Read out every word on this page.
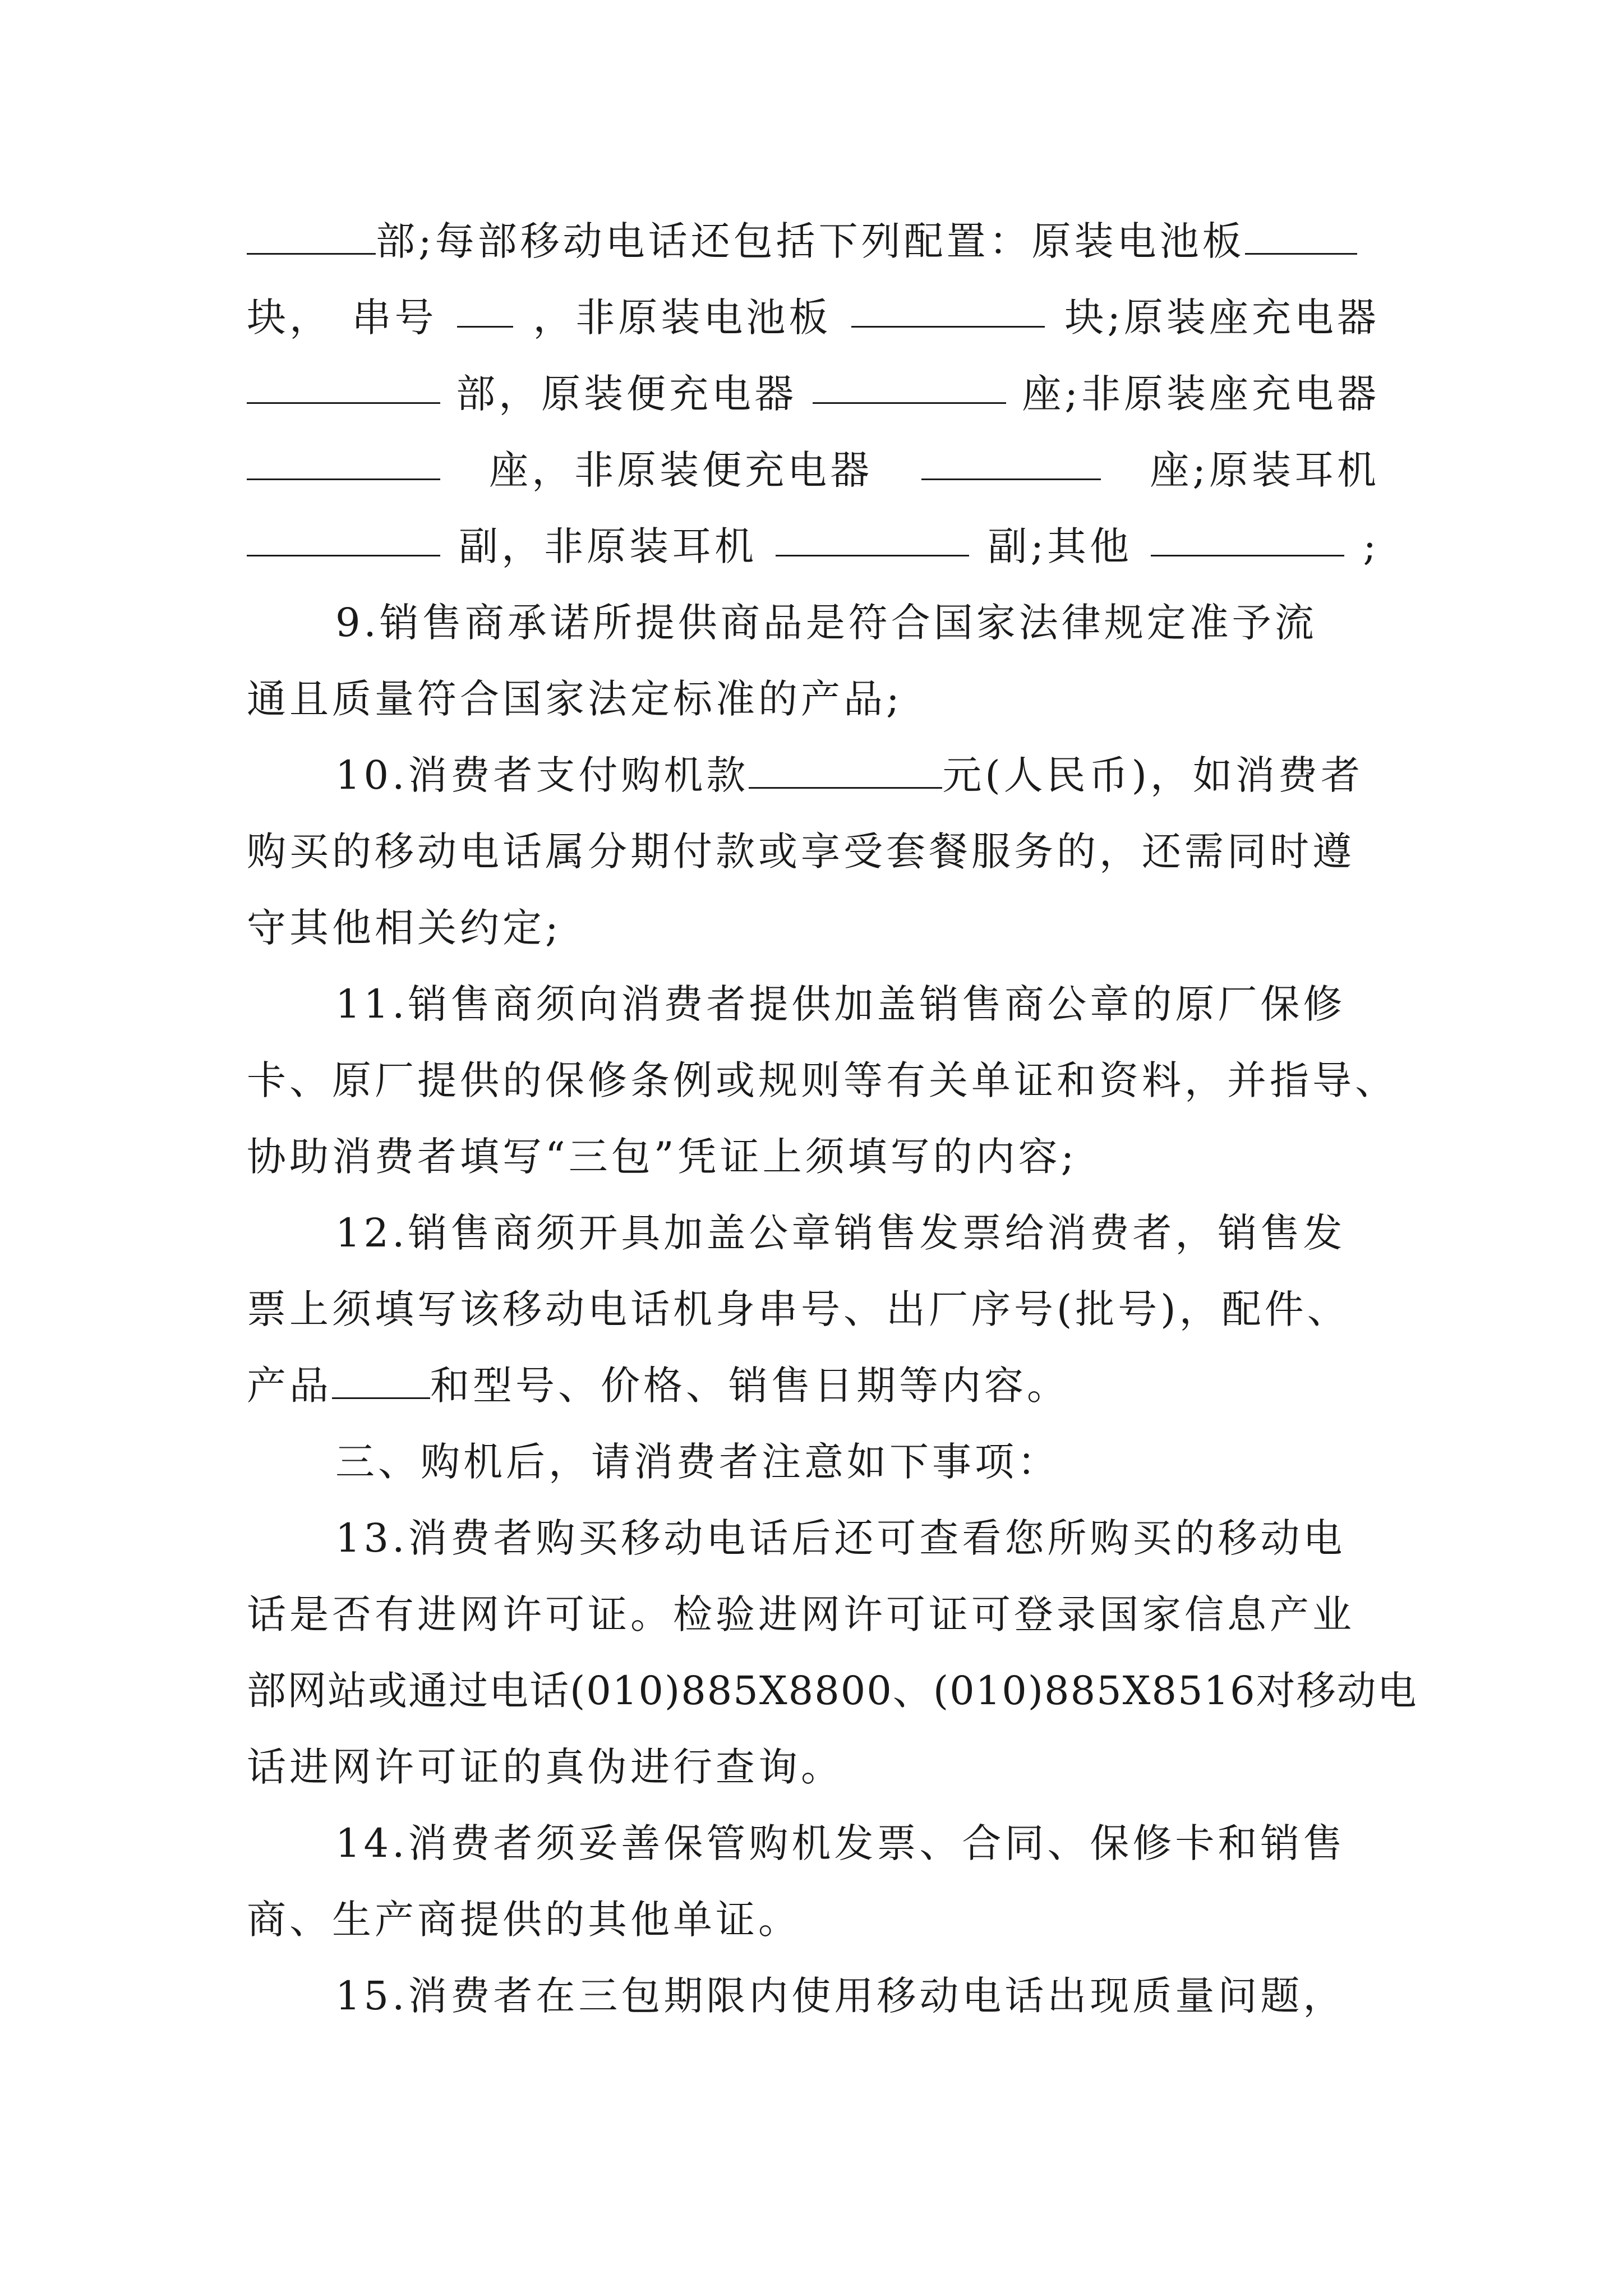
部;每部移动电话还包括下列配置：原装电池板
块， 串号 ，非原装电池板	块;原装座充电器
部，原装便充电器	座;非原装座充电器
座，非原装便充电器	座;原装耳机
副，非原装耳机	副;其他	;
9.销售商承诺所提供商品是符合国家法律规定准予流
通且质量符合国家法定标准的产品;
10.消费者支付购机款	元(人民币)，如消费者
购买的移动电话属分期付款或享受套餐服务的，还需同时遵
守其他相关约定;
11.销售商须向消费者提供加盖销售商公章的原厂保修
卡、原厂提供的保修条例或规则等有关单证和资料，并指导、
协助消费者填写“三包”凭证上须填写的内容;
12.销售商须开具加盖公章销售发票给消费者，销售发
票上须填写该移动电话机身串号、出厂序号(批号)，配件、
产品	和型号、价格、销售日期等内容。
三、购机后，请消费者注意如下事项：
13.消费者购买移动电话后还可查看您所购买的移动电
话是否有进网许可证。检验进网许可证可登录国家信息产业
部网站或通过电话(010)885X8800、(010)885X8516对移动电
话进网许可证的真伪进行查询。
14.消费者须妥善保管购机发票、合同、保修卡和销售
商、生产商提供的其他单证。
15.消费者在三包期限内使用移动电话出现质量问题，
